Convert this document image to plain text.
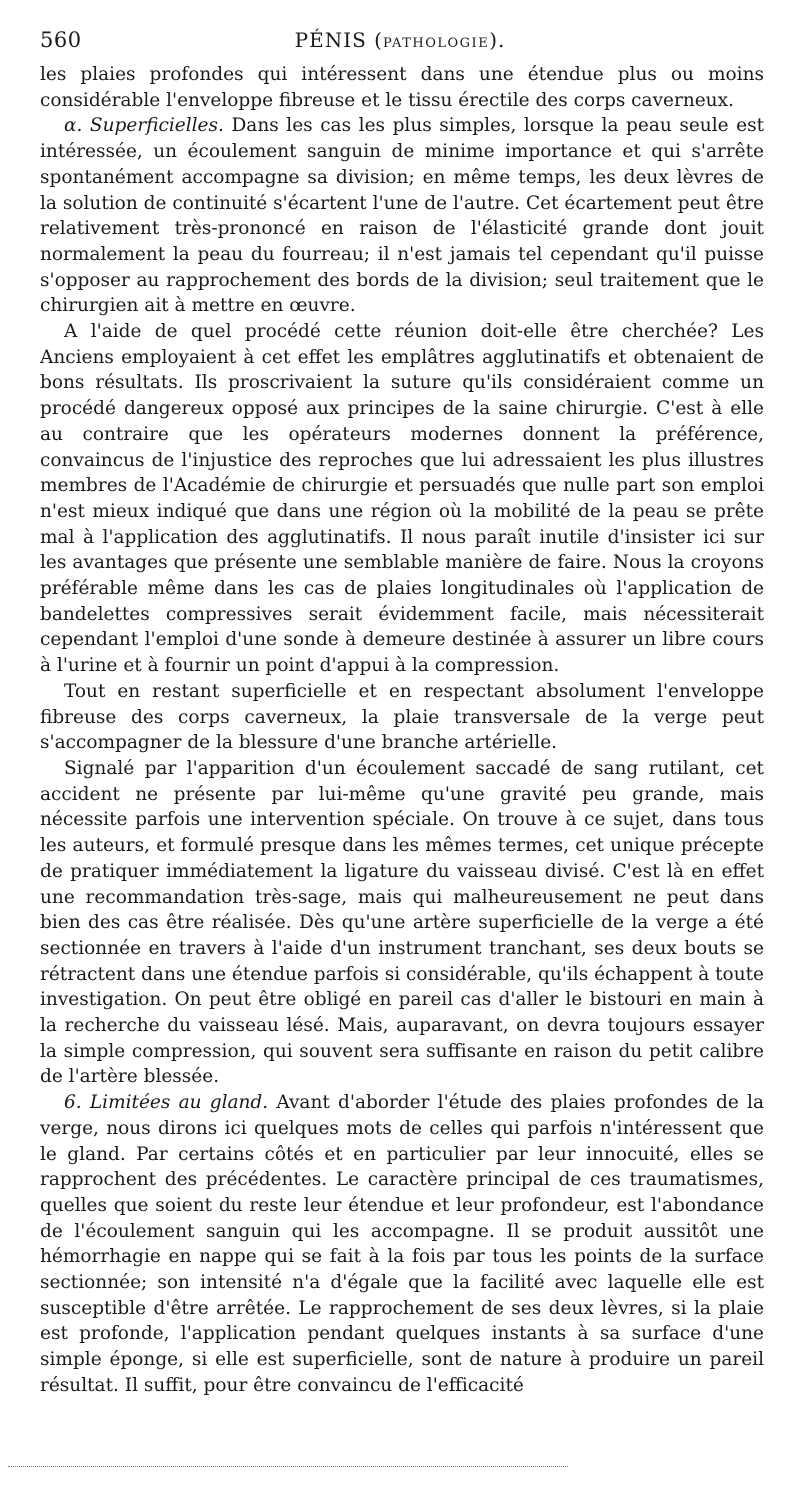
560	PÉNIS (PATHOLOGIE).

les plaies profondes qui intéressent dans une étendue plus ou moins considérable l'enveloppe fibreuse et le tissu érectile des corps caverneux.

α. Superficielles. Dans les cas les plus simples, lorsque la peau seule est intéressée, un écoulement sanguin de minime importance et qui s'arrête spontanément accompagne sa division; en même temps, les deux lèvres de la solution de continuité s'écartent l'une de l'autre. Cet écartement peut être relativement très-prononcé en raison de l'élasticité grande dont jouit normalement la peau du fourreau; il n'est jamais tel cependant qu'il puisse s'opposer au rapprochement des bords de la division; seul traitement que le chirurgien ait à mettre en œuvre.

A l'aide de quel procédé cette réunion doit-elle être cherchée? Les Anciens employaient à cet effet les emplâtres agglutinatifs et obtenaient de bons résultats. Ils proscrivaient la suture qu'ils considéraient comme un procédé dangereux opposé aux principes de la saine chirurgie. C'est à elle au contraire que les opérateurs modernes donnent la préférence, convaincus de l'injustice des reproches que lui adressaient les plus illustres membres de l'Académie de chirurgie et persuadés que nulle part son emploi n'est mieux indiqué que dans une région où la mobilité de la peau se prête mal à l'application des agglutinatifs. Il nous paraît inutile d'insister ici sur les avantages que présente une semblable manière de faire. Nous la croyons préférable même dans les cas de plaies longitudinales où l'application de bandelettes compressives serait évidemment facile, mais nécessiterait cependant l'emploi d'une sonde à demeure destinée à assurer un libre cours à l'urine et à fournir un point d'appui à la compression.

Tout en restant superficielle et en respectant absolument l'enveloppe fibreuse des corps caverneux, la plaie transversale de la verge peut s'accompagner de la blessure d'une branche artérielle.

Signalé par l'apparition d'un écoulement saccadé de sang rutilant, cet accident ne présente par lui-même qu'une gravité peu grande, mais nécessite parfois une intervention spéciale. On trouve à ce sujet, dans tous les auteurs, et formulé presque dans les mêmes termes, cet unique précepte de pratiquer immédiatement la ligature du vaisseau divisé. C'est là en effet une recommandation très-sage, mais qui malheureusement ne peut dans bien des cas être réalisée. Dès qu'une artère superficielle de la verge a été sectionnée en travers à l'aide d'un instrument tranchant, ses deux bouts se rétractent dans une étendue parfois si considérable, qu'ils échappent à toute investigation. On peut être obligé en pareil cas d'aller le bistouri en main à la recherche du vaisseau lésé. Mais, auparavant, on devra toujours essayer la simple compression, qui souvent sera suffisante en raison du petit calibre de l'artère blessée.

6. Limitées au gland. Avant d'aborder l'étude des plaies profondes de la verge, nous dirons ici quelques mots de celles qui parfois n'intéressent que le gland. Par certains côtés et en particulier par leur innocuité, elles se rapprochent des précédentes. Le caractère principal de ces traumatismes, quelles que soient du reste leur étendue et leur profondeur, est l'abondance de l'écoulement sanguin qui les accompagne. Il se produit aussitôt une hémorrhagie en nappe qui se fait à la fois par tous les points de la surface sectionnée; son intensité n'a d'égale que la facilité avec laquelle elle est susceptible d'être arrêtée. Le rapprochement de ses deux lèvres, si la plaie est profonde, l'application pendant quelques instants à sa surface d'une simple éponge, si elle est superficielle, sont de nature à produire un pareil résultat. Il suffit, pour être convaincu de l'efficacité
